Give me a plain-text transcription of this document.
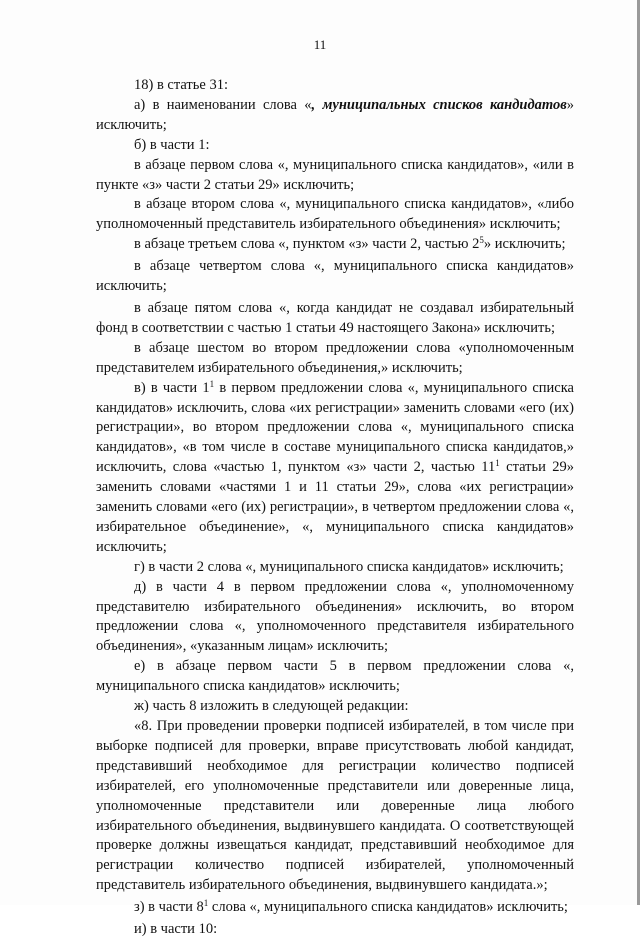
11

18) в статье 31:

а) в наименовании слова «, муниципальных списков кандидатов» исключить;

б) в части 1:

в абзаце первом слова «, муниципального списка кандидатов», «или в пункте «з» части 2 статьи 29» исключить;

в абзаце втором слова «, муниципального списка кандидатов», «либо уполномоченный представитель избирательного объединения» исключить;

в абзаце третьем слова «, пунктом «з» части 2, частью $2^5$» исключить;

в абзаце четвертом слова «, муниципального списка кандидатов» исключить;

в абзаце пятом слова «, когда кандидат не создавал избирательный фонд в соответствии с частью 1 статьи 49 настоящего Закона» исключить;

в абзаце шестом во втором предложении слова «уполномоченным представителем избирательного объединения,» исключить;

в) в части $1^1$ в первом предложении слова «, муниципального списка кандидатов» исключить, слова «их регистрации» заменить словами «его (их) регистрации», во втором предложении слова «, муниципального списка кандидатов», «в том числе в составе муниципального списка кандидатов,» исключить, слова «частью 1, пунктом «з» части 2, частью $11^1$ статьи 29» заменить словами «частями 1 и 11 статьи 29», слова «их регистрации» заменить словами «его (их) регистрации», в четвертом предложении слова «, избирательное объединение», «, муниципального списка кандидатов» исключить;

г) в части 2 слова «, муниципального списка кандидатов» исключить;

д) в части 4 в первом предложении слова «, уполномоченному представителю избирательного объединения» исключить, во втором предложении слова «, уполномоченного представителя избирательного объединения», «указанным лицам» исключить;

е) в абзаце первом части 5 в первом предложении слова «, муниципального списка кандидатов» исключить;

ж) часть 8 изложить в следующей редакции:

«8. При проведении проверки подписей избирателей, в том числе при выборке подписей для проверки, вправе присутствовать любой кандидат, представивший необходимое для регистрации количество подписей избирателей, его уполномоченные представители или доверенные лица, уполномоченные представители или доверенные лица любого избирательного объединения, выдвинувшего кандидата. О соответствующей проверке должны извещаться кандидат, представивший необходимое для регистрации количество подписей избирателей, уполномоченный представитель избирательного объединения, выдвинувшего кандидата.»;

з) в части $8^1$ слова «, муниципального списка кандидатов» исключить;

и) в части 10:
